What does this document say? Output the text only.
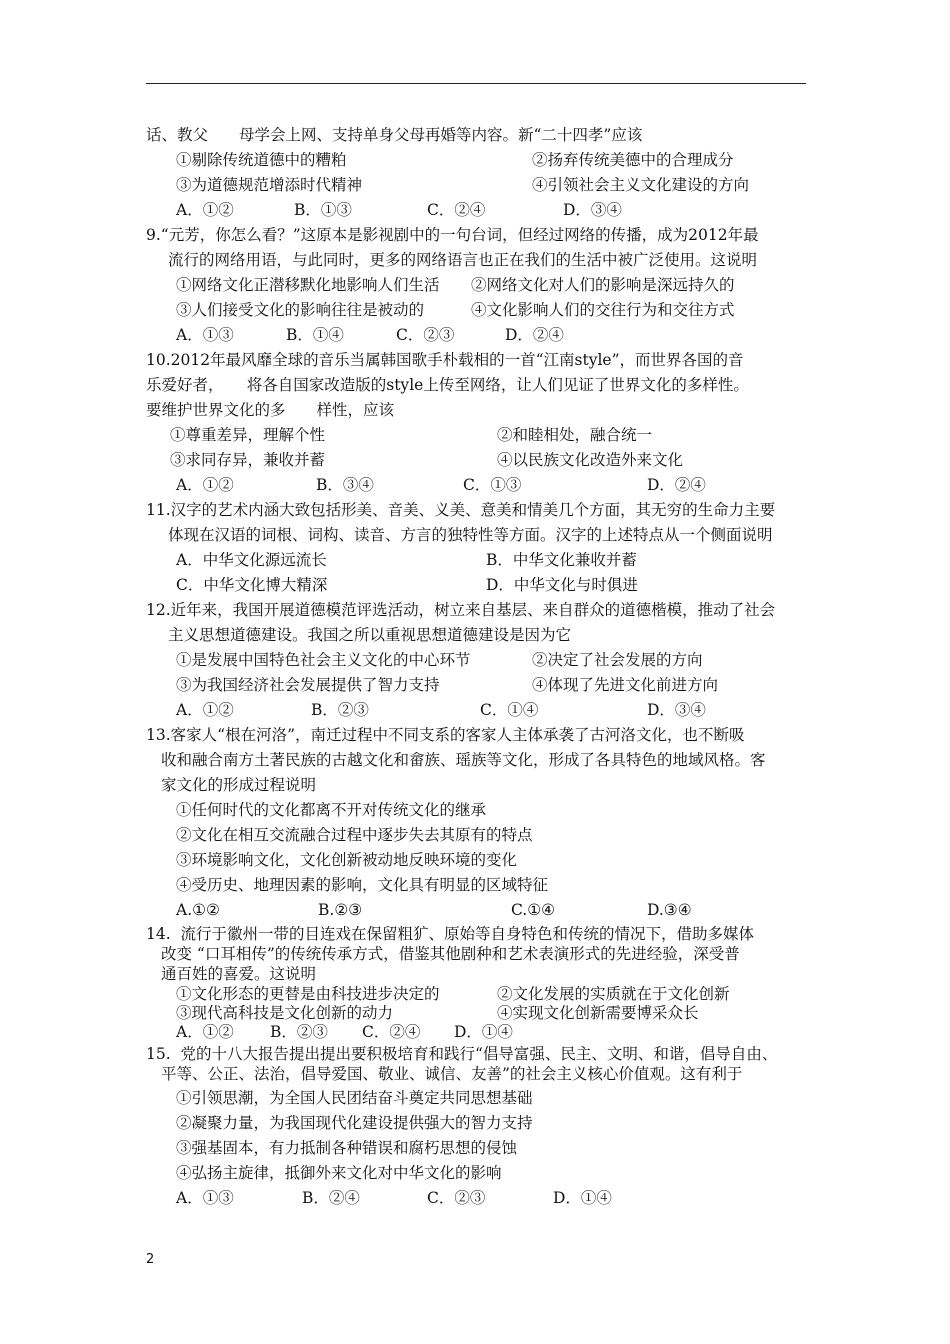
话、教父　　母学会上网、支持单身父母再婚等内容。新“二十四孝”应该
①剔除传统道德中的糟粕	②扬弃传统美德中的合理成分
③为道德规范增添时代精神	④引领社会主义文化建设的方向
A．①②	B．①③	C．②④	D．③④
9.“元芳，你怎么看？”这原本是影视剧中的一句台词，但经过网络的传播，成为2012年最
流行的网络用语，与此同时，更多的网络语言也正在我们的生活中被广泛使用。这说明
①网络文化正潜移默化地影响人们生活 ②网络文化对人们的影响是深远持久的
③人们接受文化的影响往往是被动的	④文化影响人们的交往行为和交往方式
A．①③	B．①④	C．②③	D．②④
10.2012年最风靡全球的音乐当属韩国歌手朴载相的一首“江南style”，而世界各国的音
乐爱好者，　　将各自国家改造版的style上传至网络，让人们见证了世界文化的多样性。
要维护世界文化的多　　样性，应该
①尊重差异，理解个性	②和睦相处，融合统一
③求同存异，兼收并蓄	④以民族文化改造外来文化
A．①②	B．③④	C．①③	D．②④
11.汉字的艺术内涵大致包括形美、音美、义美、意美和情美几个方面，其无穷的生命力主要
体现在汉语的词根、词构、读音、方言的独特性等方面。汉字的上述特点从一个侧面说明
A．中华文化源远流长	B．中华文化兼收并蓄
C．中华文化博大精深	D．中华文化与时俱进
12.近年来，我国开展道德模范评选活动，树立来自基层、来自群众的道德楷模，推动了社会
主义思想道德建设。我国之所以重视思想道德建设是因为它
①是发展中国特色社会主义文化的中心环节	②决定了社会发展的方向
③为我国经济社会发展提供了智力支持	④体现了先进文化前进方向
A．①②	B．②③	C．①④	D．③④
13.客家人“根在河洛”，南迁过程中不同支系的客家人主体承袭了古河洛文化，也不断吸
收和融合南方土著民族的古越文化和畲族、瑶族等文化，形成了各具特色的地域风格。客
家文化的形成过程说明
①任何时代的文化都离不开对传统文化的继承
②文化在相互交流融合过程中逐步失去其原有的特点
③环境影响文化，文化创新被动地反映环境的变化
④受历史、地理因素的影响，文化具有明显的区域特征
A.①②	B.②③	C.①④	D.③④
14.  流行于徽州一带的目连戏在保留粗犷、原始等自身特色和传统的情况下，借助多媒体
改变 “口耳相传”的传统传承方式，借鉴其他剧种和艺术表演形式的先进经验，深受普
通百姓的喜爱。这说明
①文化形态的更替是由科技进步决定的	②文化发展的实质就在于文化创新
③现代高科技是文化创新的动力	④实现文化创新需要博采众长
A．①② B．②③ C．②④ D．①④
15.  党的十八大报告提出提出要积极培育和践行“倡导富强、民主、文明、和谐，倡导自由、
平等、公正、法治，倡导爱国、敬业、诚信、友善”的社会主义核心价值观。这有利于
①引领思潮，为全国人民团结奋斗奠定共同思想基础
②凝聚力量，为我国现代化建设提供强大的智力支持
③强基固本，有力抵制各种错误和腐朽思想的侵蚀
④弘扬主旋律，抵御外来文化对中华文化的影响
A．①③	B．②④	C．②③	D．①④
2
